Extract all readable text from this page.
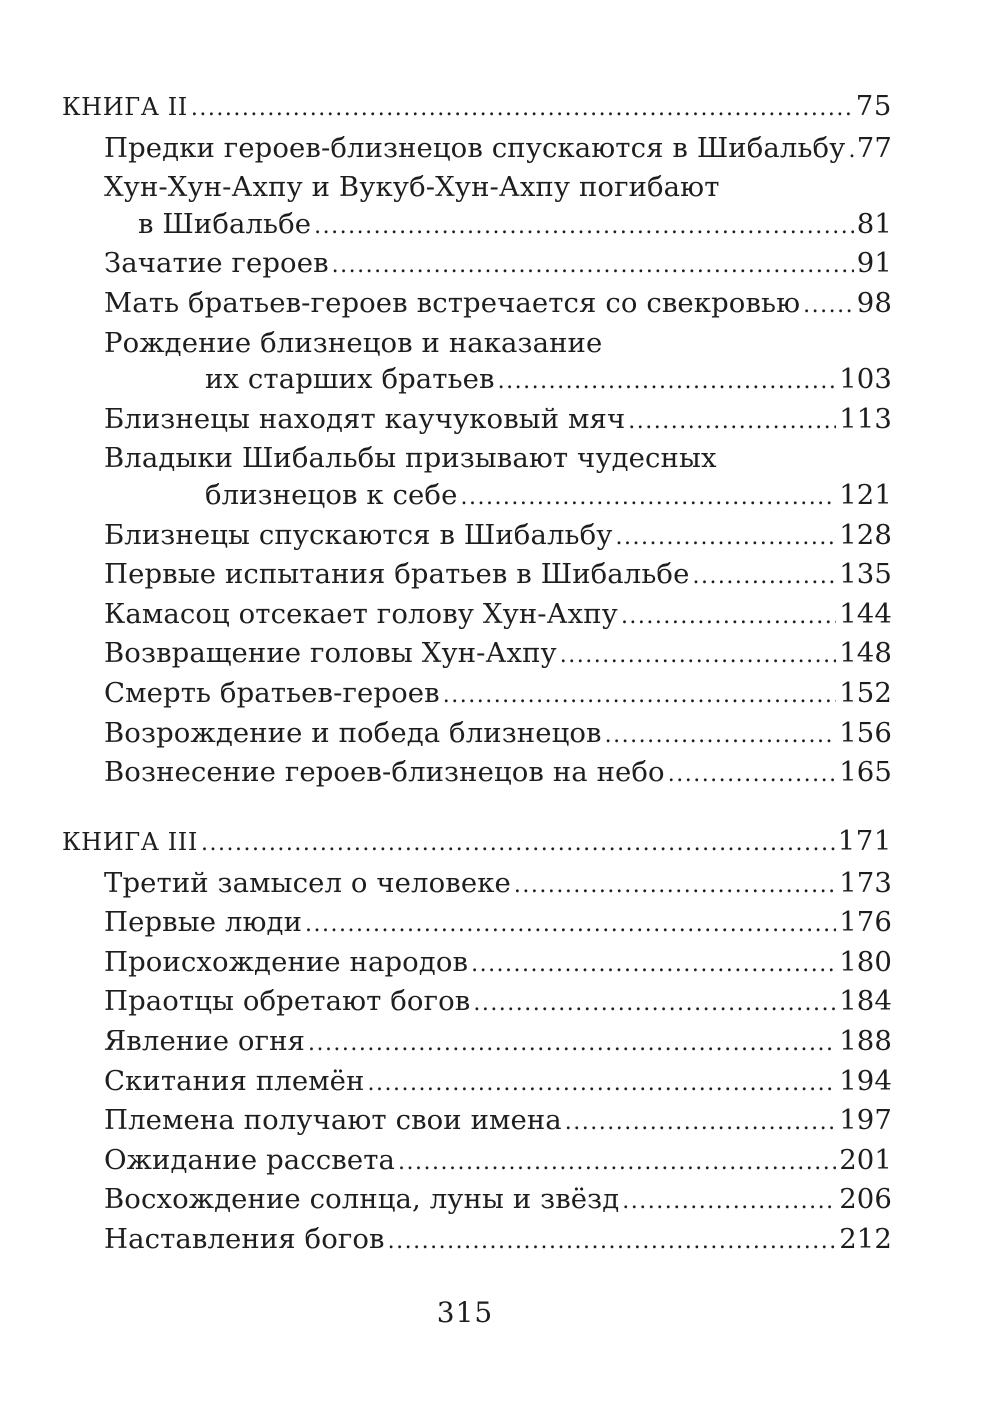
КНИГА II .....	75
Предки героев-близнецов спускаются в Шибальбу ..... 77
Хун-Хун-Ахпу и Вукуб-Хун-Ахпу погибают
в Шибальбе .....	81
Зачатие героев .....	91
Мать братьев-героев встречается со свекровью ..... 98
Рождение близнецов и наказание
их старших братьев .....	103
Близнецы находят каучуковый мяч .....	113
Владыки Шибальбы призывают чудесных
близнецов к себе .....	121
Близнецы спускаются в Шибальбу .....	128
Первые испытания братьев в Шибальбе .....	135
Камасоц отсекает голову Хун-Ахпу .....	144
Возвращение головы Хун-Ахпу .....	148
Смерть братьев-героев .....	152
Возрождение и победа близнецов .....	156
Вознесение героев-близнецов на небо .....	165
КНИГА III .....	171
Третий замысел о человеке .....	173
Первые люди .....	176
Происхождение народов .....	180
Праотцы обретают богов .....	184
Явление огня .....	188
Скитания племён .....	194
Племена получают свои имена .....	197
Ожидание рассвета .....	201
Восхождение солнца, луны и звёзд .....	206
Наставления богов .....	212
315
